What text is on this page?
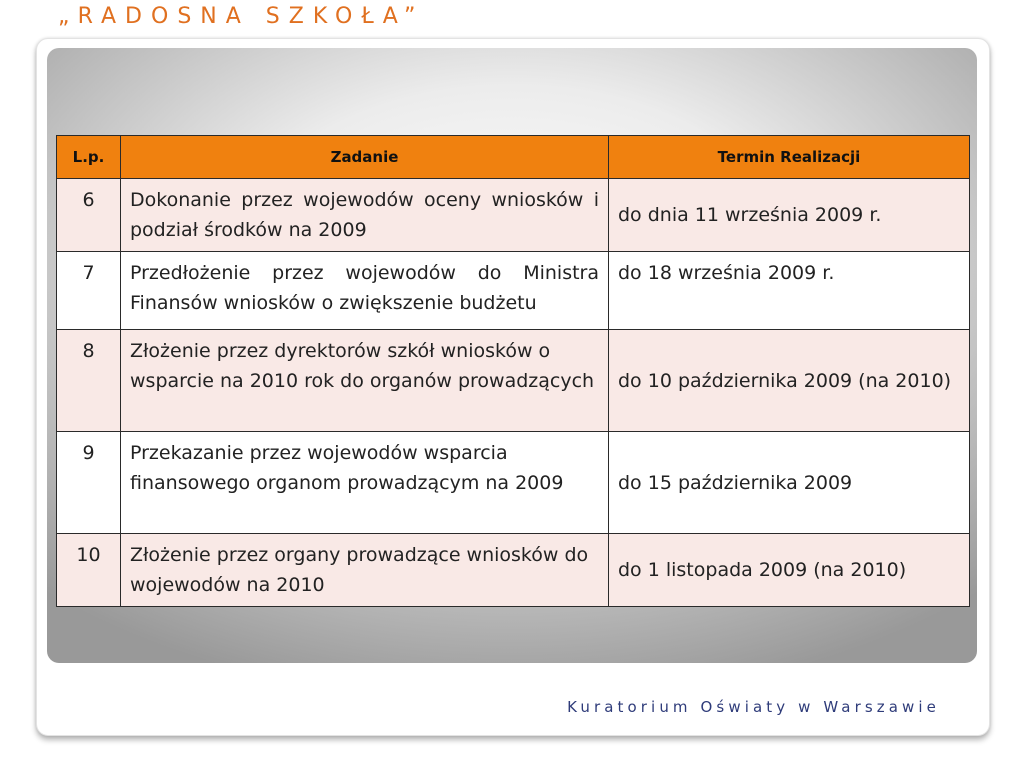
„RADOSNA SZKOŁA”
L.p.	Zadanie	Termin Realizacji
6	Dokonanie przez wojewodów oceny wniosków i podział środków na 2009	do dnia 11 września 2009 r.
7	Przedłożenie przez wojewodów do Ministra Finansów wniosków o zwiększenie budżetu	do 18 września 2009 r.
8	Złożenie przez dyrektorów szkół wniosków o wsparcie na 2010 rok do organów prowadzących	do 10 października 2009 (na 2010)
9	Przekazanie przez wojewodów wsparcia finansowego organom prowadzącym na 2009	do 15 października 2009
10	Złożenie przez organy prowadzące wniosków do wojewodów na 2010	do 1 listopada 2009 (na 2010)
Kuratorium Oświaty w Warszawie
